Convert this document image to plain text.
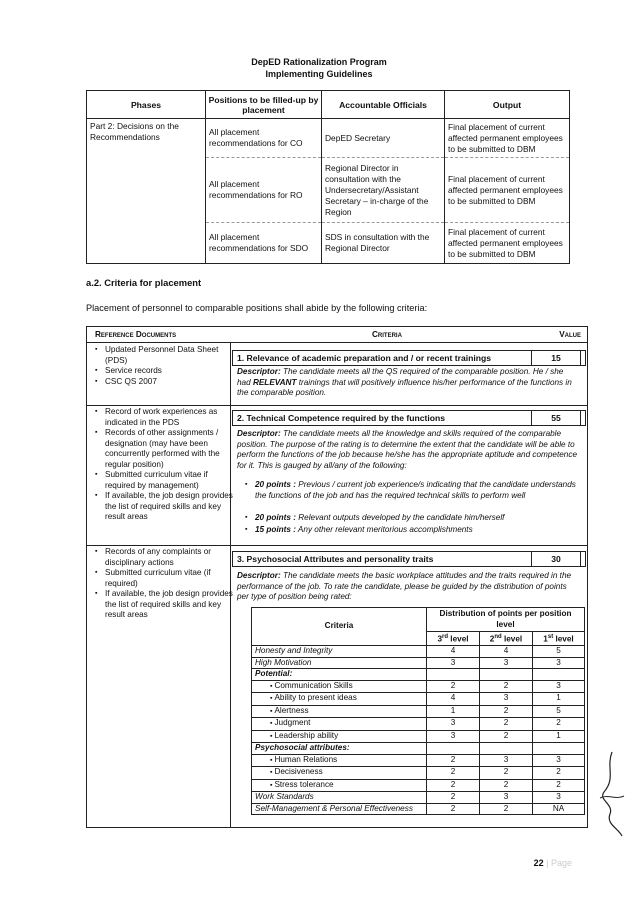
DepED Rationalization Program
Implementing Guidelines
Phases	Positions to be filled-up by placement	Accountable Officials	Output
Part 2: Decisions on the Recommendations	All placement recommendations for CO	DepED Secretary	Final placement of current affected permanent employees to be submitted to DBM
	All placement recommendations for RO	Regional Director in consultation with the Undersecretary/Assistant Secretary – in-charge of the Region	Final placement of current affected permanent employees to be submitted to DBM
	All placement recommendations for SDO	SDS in consultation with the Regional Director	Final placement of current affected permanent employees to be submitted to DBM
a.2. Criteria for placement
Placement of personnel to comparable positions shall abide by the following criteria:
Reference Documents	Criteria	Value
▪ Updated Personnel Data Sheet (PDS)
▪ Service records
▪ CSC QS 2007
1. Relevance of academic preparation and / or recent trainings	15
Descriptor: The candidate meets all the QS required of the comparable position. He / she had RELEVANT trainings that will positively influence his/her performance of the functions in the comparable position.
▪ Record of work experiences as indicated in the PDS
▪ Records of other assignments / designation (may have been concurrently performed with the regular position)
▪ Submitted curriculum vitae if required by management)
▪ If available, the job design provides the list of required skills and key result areas
2. Technical Competence required by the functions	55
Descriptor: The candidate meets all the knowledge and skills required of the comparable position. The purpose of the rating is to determine the extent that the candidate will be able to perform the functions of the job because he/she has the appropriate aptitude and competence for it. This is gauged by all/any of the following:
▪ 20 points : Previous / current job experience/s indicating that the candidate understands the functions of the job and has the required technical skills to perform well
▪ 20 points : Relevant outputs developed by the candidate him/herself
▪ 15 points : Any other relevant meritorious accomplishments
▪ Records of any complaints or disciplinary actions
▪ Submitted curriculum vitae (if required)
▪ If available, the job design provides the list of required skills and key result areas
3. Psychosocial Attributes and personality traits	30
Descriptor: The candidate meets the basic workplace attitudes and the traits required in the performance of the job. To rate the candidate, please be guided by the distribution of points per type of position being rated:
Criteria	Distribution of points per position level		
	3rd level	2nd level	1st level
Honesty and Integrity	4	4	5
High Motivation	3	3	3
Potential:			
▪ Communication Skills	2	2	3
▪ Ability to present ideas	4	3	1
▪ Alertness	1	2	5
▪ Judgment	3	2	2
▪ Leadership ability	3	2	1
Psychosocial attributes:			
▪ Human Relations	2	3	3
▪ Decisiveness	2	2	2
▪ Stress tolerance	2	2	2
Work Standards	2	3	3
Self-Management & Personal Effectiveness	2	2	NA
22 | Page
